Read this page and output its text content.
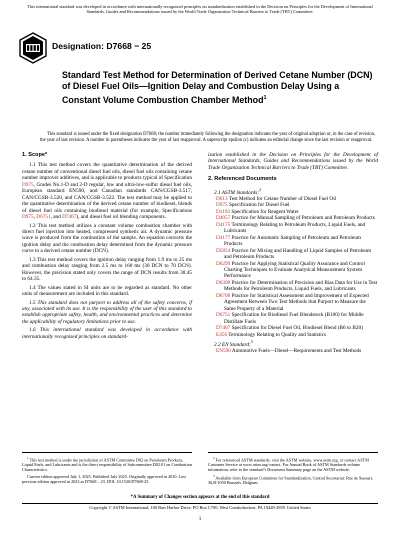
This international standard was developed in accordance with internationally recognized principles on standardization established in the Decision on Principles for the Development of International Standards, Guides and Recommendations issued by the World Trade Organization Technical Barriers to Trade (TBT) Committee.
Designation: D7668 − 25
Standard Test Method for Determination of Derived Cetane Number (DCN) of Diesel Fuel Oils—Ignition Delay and Combustion Delay Using a Constant Volume Combustion Chamber Method$^1$

This standard is issued under the fixed designation D7668; the number immediately following the designation indicates the year of original adoption or, in the case of revision, the year of last revision. A number in parentheses indicates the year of last reapproval. A superscript epsilon (ε) indicates an editorial change since the last revision or reapproval.

1. Scope*

1.1 This test method covers the quantitative determination of the derived cetane number of conventional diesel fuel oils, diesel fuel oils containing cetane number improver additives, and is applicable to products typical of Specification D975, Grades No.1-D and 2-D regular, low and ultra-low-sulfur diesel fuel oils, European standard EN590, and Canadian standards CAN/CGSB-3.517, CAN/CGSB-3.520, and CAN/CGSB-3.522. The test method may be applied to the quantitative determination of the derived cetane number of biodiesel, blends of diesel fuel oils containing biodiesel material (for example, Specifications D975, D6751, and D7467), and diesel fuel oil blending components.

1.2 This test method utilizes a constant volume combustion chamber with direct fuel injection into heated, compressed synthetic air. A dynamic pressure wave is produced from the combustion of the sample. An equation converts the ignition delay and the combustion delay determined from the dynamic pressure curve to a derived cetane number (DCN).

1.3 This test method covers the ignition delay ranging from 1.9 ms to 25 ms and combustion delay ranging from 2.5 ms to 160 ms (30 DCN to 70 DCN). However, the precision stated only covers the range of DCN results from 38.45 to 64.35.

1.4 The values stated in SI units are to be regarded as standard. No other units of measurement are included in this standard.

1.5 This standard does not purport to address all of the safety concerns, if any, associated with its use. It is the responsibility of the user of this standard to establish appropriate safety, health, and environmental practices and determine the applicability of regulatory limitations prior to use.

1.6 This international standard was developed in accordance with internationally recognized principles on standard-

ization established in the Decision on Principles for the Development of International Standards, Guides and Recommendations issued by the World Trade Organization Technical Barriers to Trade (TBT) Committee.

2. Referenced Documents
2.1 ASTM Standards:$^2$
D613 Test Method for Cetane Number of Diesel Fuel Oil
D975 Specification for Diesel Fuel
D1193 Specification for Reagent Water
D4057 Practice for Manual Sampling of Petroleum and Petroleum Products
D4175 Terminology Relating to Petroleum Products, Liquid Fuels, and Lubricants
D4177 Practice for Automatic Sampling of Petroleum and Petroleum Products
D5854 Practice for Mixing and Handling of Liquid Samples of Petroleum and Petroleum Products
D6299 Practice for Applying Statistical Quality Assurance and Control Charting Techniques to Evaluate Analytical Measurement System Performance
D6300 Practice for Determination of Precision and Bias Data for Use in Test Methods for Petroleum Products, Liquid Fuels, and Lubricants
D6708 Practice for Statistical Assessment and Improvement of Expected Agreement Between Two Test Methods that Purport to Measure the Same Property of a Material
D6751 Specification for Biodiesel Fuel Blendstock (B100) for Middle Distillate Fuels
D7467 Specification for Diesel Fuel Oil, Biodiesel Blend (B6 to B20)
E456 Terminology Relating to Quality and Statistics
2.2 EN Standard:$^3$
EN590 Automotive Fuels—Diesel—Requirements and Test Methods

$^1$ This test method is under the jurisdiction of ASTM Committee D02 on Petroleum Products, Liquid Fuels, and Lubricants and is the direct responsibility of Subcommittee D02.01 on Combustion Characteristics.

Current edition approved July 1, 2025. Published July 2025. Originally approved in 2010. Last previous edition approved in 2023 as D7668 – 23. DOI: 10.1520/D7668-25.

$^2$ For referenced ASTM standards, visit the ASTM website, www.astm.org, or contact ASTM Customer Service at www.astm.org/contact. For Annual Book of ASTM Standards volume information, refer to the standard’s Document Summary page on the ASTM website.

$^3$ Available from European Committee for Standardization, Central Secretariat: Rue de Stassart, 36,B-1050 Brussels, Belgium.

*A Summary of Changes section appears at the end of this standard
Copyright © ASTM International, 100 Barr Harbor Drive, PO Box C700, West Conshohocken, PA 19428-2959. United States
1
